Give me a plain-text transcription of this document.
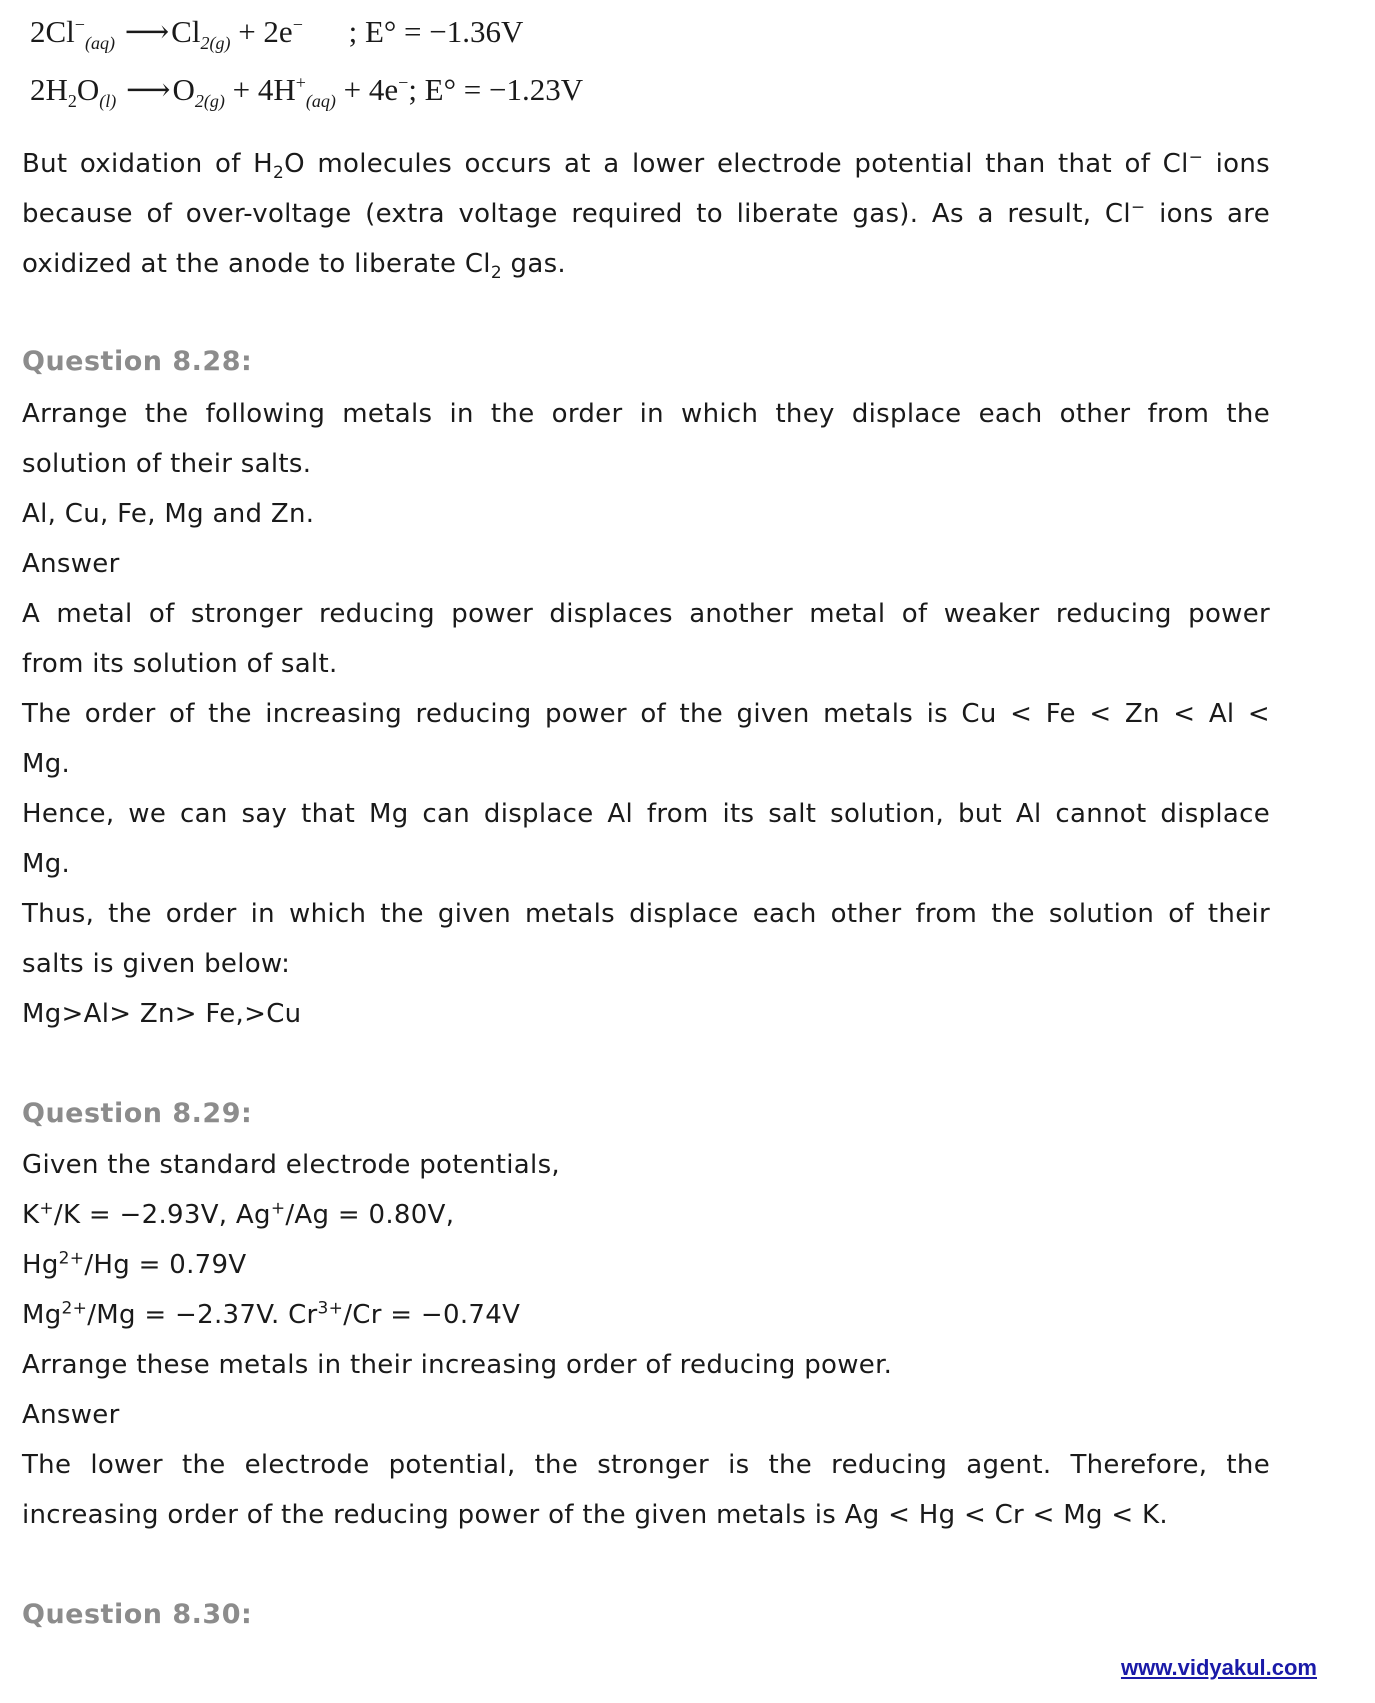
$2Cl^-_{(aq)}$ $⟶Cl_{2(g)} + 2e^-$ ; E° = −1.36V
$2H_2O_{(l)}$ $⟶O_{2(g)} + 4H^+_{(aq)} + 4e^-$; E° = −1.23V
But oxidation of $H_2O$ molecules occurs at a lower electrode potential than that of Cl− ions
because of over-voltage (extra voltage required to liberate gas). As a result, Cl− ions are
oxidized at the anode to liberate $Cl_2$ gas.
Question 8.28:
Arrange the following metals in the order in which they displace each other from the
solution of their salts.
Al, Cu, Fe, Mg and Zn.
Answer
A metal of stronger reducing power displaces another metal of weaker reducing power
from its solution of salt.
The order of the increasing reducing power of the given metals is Cu < Fe < Zn < Al <
Mg.
Hence, we can say that Mg can displace Al from its salt solution, but Al cannot displace
Mg.
Thus, the order in which the given metals displace each other from the solution of their
salts is given below:
Mg>Al> Zn> Fe,>Cu
Question 8.29:
Given the standard electrode potentials,
K+/K = −2.93V, Ag+/Ag = 0.80V,
$Hg^{2+}/Hg = 0.79V$
$Mg^{2+}/Mg = -2.37V$. $Cr^{3+}/Cr = -0.74V$
Arrange these metals in their increasing order of reducing power.
Answer
The lower the electrode potential, the stronger is the reducing agent. Therefore, the
increasing order of the reducing power of the given metals is Ag < Hg < Cr < Mg < K.
Question 8.30:
www.vidyakul.com
